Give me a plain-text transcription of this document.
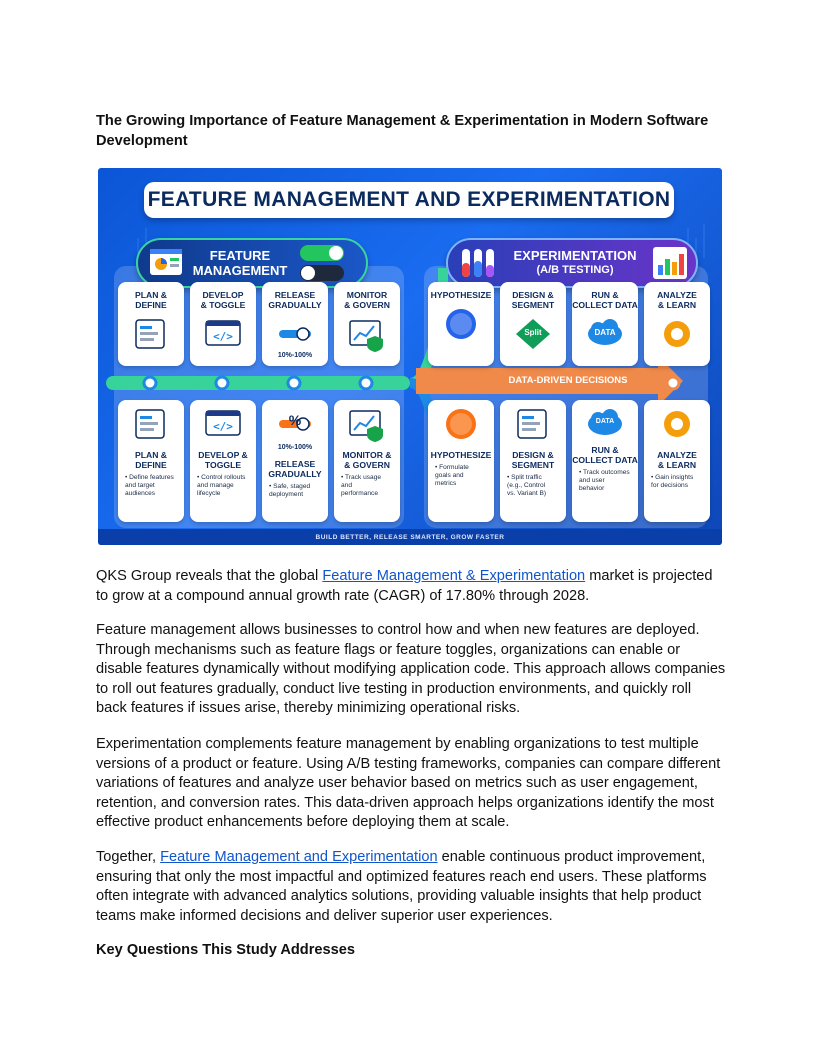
The Growing Importance of Feature Management & Experimentation in Modern Software Development
FEATURE MANAGEMENT AND EXPERIMENTATION
FEATURE
MANAGEMENT
EXPERIMENTATION
(A/B TESTING)
DATA-DRIVEN DECISIONS
PLAN &
DEFINE
DEVELOP
& TOGGLE
</>
RELEASE
GRADUALLY
10%-100%
MONITOR
& GOVERN
HYPOTHESIZE	DESIGN &
SEGMENT
Split
RUN &
COLLECT DATA
DATA
ANALYZE
& LEARN
PLAN &
DEFINE
• Define features
and target
audiences
</>
DEVELOP &
TOGGLE
• Control rollouts
and manage
lifecycle
%
10%-100%
RELEASE
GRADUALLY
• Safe, staged
deployment
MONITOR &
& GOVERN
• Track usage
and
performance
HYPOTHESIZE
• Formulate
goals and
metrics
DESIGN &
SEGMENT
• Split traffic
(e.g., Control
vs. Variant B)
DATA
RUN &
COLLECT DATA
• Track outcomes
and user
behavior
ANALYZE
& LEARN
• Gain insights
for decisions
BUILD BETTER, RELEASE SMARTER, GROW FASTER

QKS Group reveals that the global Feature Management & Experimentation market is projected to grow at a compound annual growth rate (CAGR) of 17.80% through 2028.

Feature management allows businesses to control how and when new features are deployed. Through mechanisms such as feature flags or feature toggles, organizations can enable or disable features dynamically without modifying application code. This approach allows companies to roll out features gradually, conduct live testing in production environments, and quickly roll back features if issues arise, thereby minimizing operational risks.

Experimentation complements feature management by enabling organizations to test multiple versions of a product or feature. Using A/B testing frameworks, companies can compare different variations of features and analyze user behavior based on metrics such as user engagement, retention, and conversion rates. This data-driven approach helps organizations identify the most effective product enhancements before deploying them at scale.

Together, Feature Management and Experimentation enable continuous product improvement, ensuring that only the most impactful and optimized features reach end users. These platforms often integrate with advanced analytics solutions, providing valuable insights that help product teams make informed decisions and deliver superior user experiences.

Key Questions This Study Addresses
